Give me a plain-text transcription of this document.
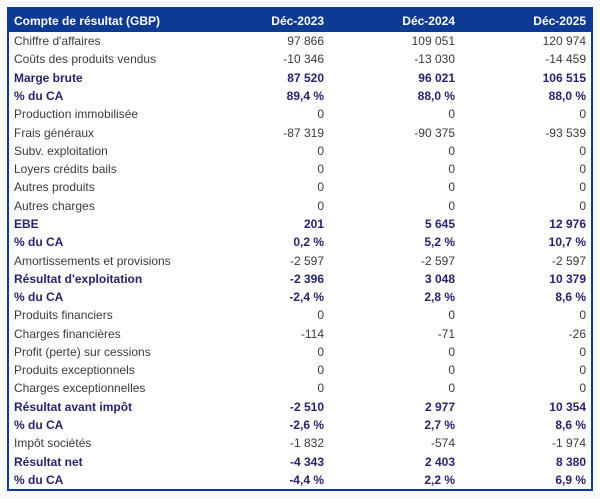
Compte de résultat (GBP)	Déc-2023	Déc-2024	Déc-2025
Chiffre d'affaires	97 866	109 051	120 974
Coûts des produits vendus	-10 346	-13 030	-14 459
Marge brute	87 520	96 021	106 515
% du CA	89,4 %	88,0 %	88,0 %
Production immobilisée	0	0	0
Frais généraux	-87 319	-90 375	-93 539
Subv. exploitation	0	0	0
Loyers crédits bails	0	0	0
Autres produits	0	0	0
Autres charges	0	0	0
EBE	201	5 645	12 976
% du CA	0,2 %	5,2 %	10,7 %
Amortissements et provisions	-2 597	-2 597	-2 597
Résultat d'exploitation	-2 396	3 048	10 379
% du CA	-2,4 %	2,8 %	8,6 %
Produits financiers	0	0	0
Charges financières	-114	-71	-26
Profit (perte) sur cessions	0	0	0
Produits exceptionnels	0	0	0
Charges exceptionnelles	0	0	0
Résultat avant impôt	-2 510	2 977	10 354
% du CA	-2,6 %	2,7 %	8,6 %
Impôt sociétés	-1 832	-574	-1 974
Résultat net	-4 343	2 403	8 380
% du CA	-4,4 %	2,2 %	6,9 %
